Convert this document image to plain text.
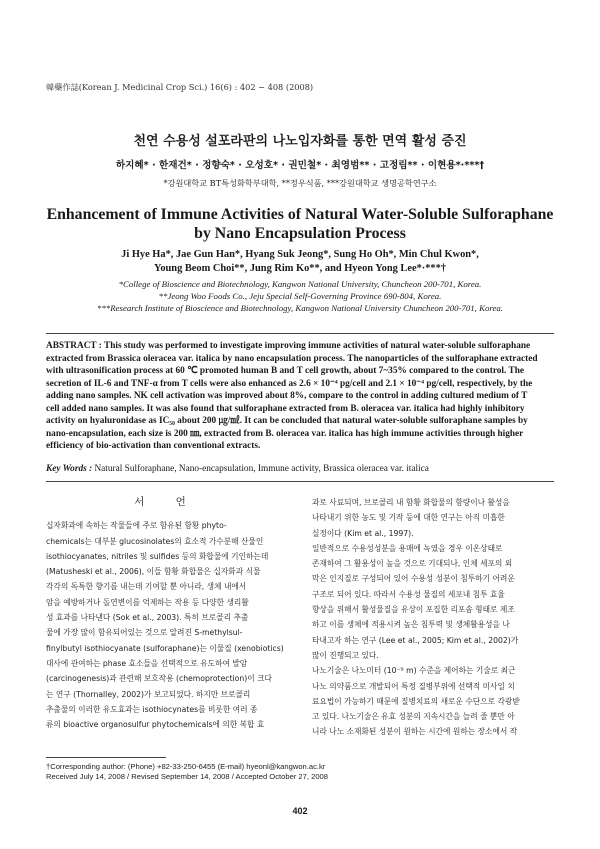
韓藥作誌(Korean J. Medicinal Crop Sci.) 16(6) : 402 − 408 (2008)
천연 수용성 설포라판의 나노입자화를 통한 면역 활성 증진
하지혜* · 한재건* · 정향숙* · 오성호* · 권민철* · 최영범** · 고정림** · 이현용*·***†
*강원대학교 BT특성화학부대학, **정우식품, ***강원대학교 생명공학연구소
Enhancement of Immune Activities of Natural Water-Soluble Sulforaphane
by Nano Encapsulation Process
Ji Hye Ha*, Jae Gun Han*, Hyang Suk Jeong*, Sung Ho Oh*, Min Chul Kwon*,
Young Beom Choi**, Jung Rim Ko**, and Hyeon Yong Lee*·***†
*College of Bioscience and Biotechnology, Kangwon National University, Chuncheon 200-701, Korea.
**Jeong Woo Foods Co., Jeju Special Self-Governing Province 690-804, Korea.
***Research Institute of Bioscience and Biotechnology, Kangwon National University Chuncheon 200-701, Korea.
ABSTRACT : This study was performed to investigate improving immune activities of natural water-soluble sulforaphane
extracted from Brassica oleracea var. italica by nano encapsulation process. The nanoparticles of the sulforaphane extracted
with ultrasonification process at 60 ℃ promoted human B and T cell growth, about 7~35% compared to the control. The
secretion of IL-6 and TNF-α from T cells were also enhanced as 2.6 × 10⁻⁴ pg/cell and 2.1 × 10⁻⁴ pg/cell, respectively, by the
adding nano samples. NK cell activation was improved about 8%, compare to the control in adding cultured medium of T
cell added nano samples. It was also found that sulforaphane extracted from B. oleracea var. italica had highly inhibitory
activity on hyaluronidase as IC₅₀ about 200 ㎍/㎖. It can be concluded that natural water-soluble sulforaphane samples by
nano-encapsulation, each size is 200 ㎚, extracted from B. oleracea var. italica has high immune activities through higher
efficiency of bio-activation than conventional extracts.
Key Words : Natural Sulforaphane, Nano-encapsulation, Immune activity, Brassica oleracea var. italica
서 언
십자화과에 속하는 작물들에 주로 함유된 함황 phyto-
chemicals는 대부분 glucosinolates의 효소적 가수분해 산물인
isothiocyanates, nitriles 및 sulfides 등의 화합물에 기인하는데
(Matusheski et al., 2006), 이들 함황 화합물은 십자화과 식물
각각의 독특한 향기를 내는데 기여할 뿐 아니라, 생체 내에서
암을 예방하거나 돌연변이를 억제하는 작용 등 다양한 생리활
성 효과를 나타낸다 (Sok et al., 2003). 특히 브로콜리 추출
물에 가장 많이 함유되어있는 것으로 알려진 S-methylsul-
finylbutyl isothiocyanate (sulforaphane)는 이물질 (xenobiotics)
대사에 관여하는 phase 효소들을 선택적으로 유도하여 발암
(carcinogenesis)과 관련해 보호작용 (chemoprotection)이 크다
는 연구 (Thornalley, 2002)가 보고되었다. 하지만 브로콜리
추출물의 이러한 유도효과는 isothiocynates를 비롯한 여러 종
류의 bioactive organosulfur phytochemicals에 의한 복합 효
과로 사료되며, 브로콜리 내 함황 화합물의 함량이나 활성을
나타내기 위한 농도 및 기작 등에 대한 연구는 아직 미흡한
실정이다 (Kim et al., 1997).
일반적으로 수용성성분을 용매에 녹였을 경우 이온상태로
존재하여 그 활용성이 높을 것으로 기대되나, 인체 세포의 외
막은 인지질로 구성되어 있어 수용성 성분이 침투하기 어려운
구조로 되어 있다. 따라서 수용성 물질의 세포내 침투 효율
향상을 위해서 활성물질을 유상이 포집한 리포솜 형태로 제조
하고 이를 생체에 적용시켜 높은 침투력 및 생체활용성을 나
타내고자 하는 연구 (Lee et al., 2005; Kim et al., 2002)가
많이 진행되고 있다.
나노기술은 나노미터 (10⁻⁹ m) 수준을 제어하는 기술로 최근
나노 의약품으로 개발되어 특정 질병부위에 선택적 미사일 치
료요법이 가능하기 때문에 질병치료의 새로운 수단으로 각광받
고 있다. 나노기술은 유효 성분의 지속시간을 늘려 줄 뿐만 아
니라 나노 소재화된 성분이 원하는 시간에 원하는 장소에서 작
†Corresponding author: (Phone) +82-33-250-6455 (E-mail) hyeonl@kangwon.ac.kr
Received July 14, 2008 / Revised September 14, 2008 / Accepted October 27, 2008
402
